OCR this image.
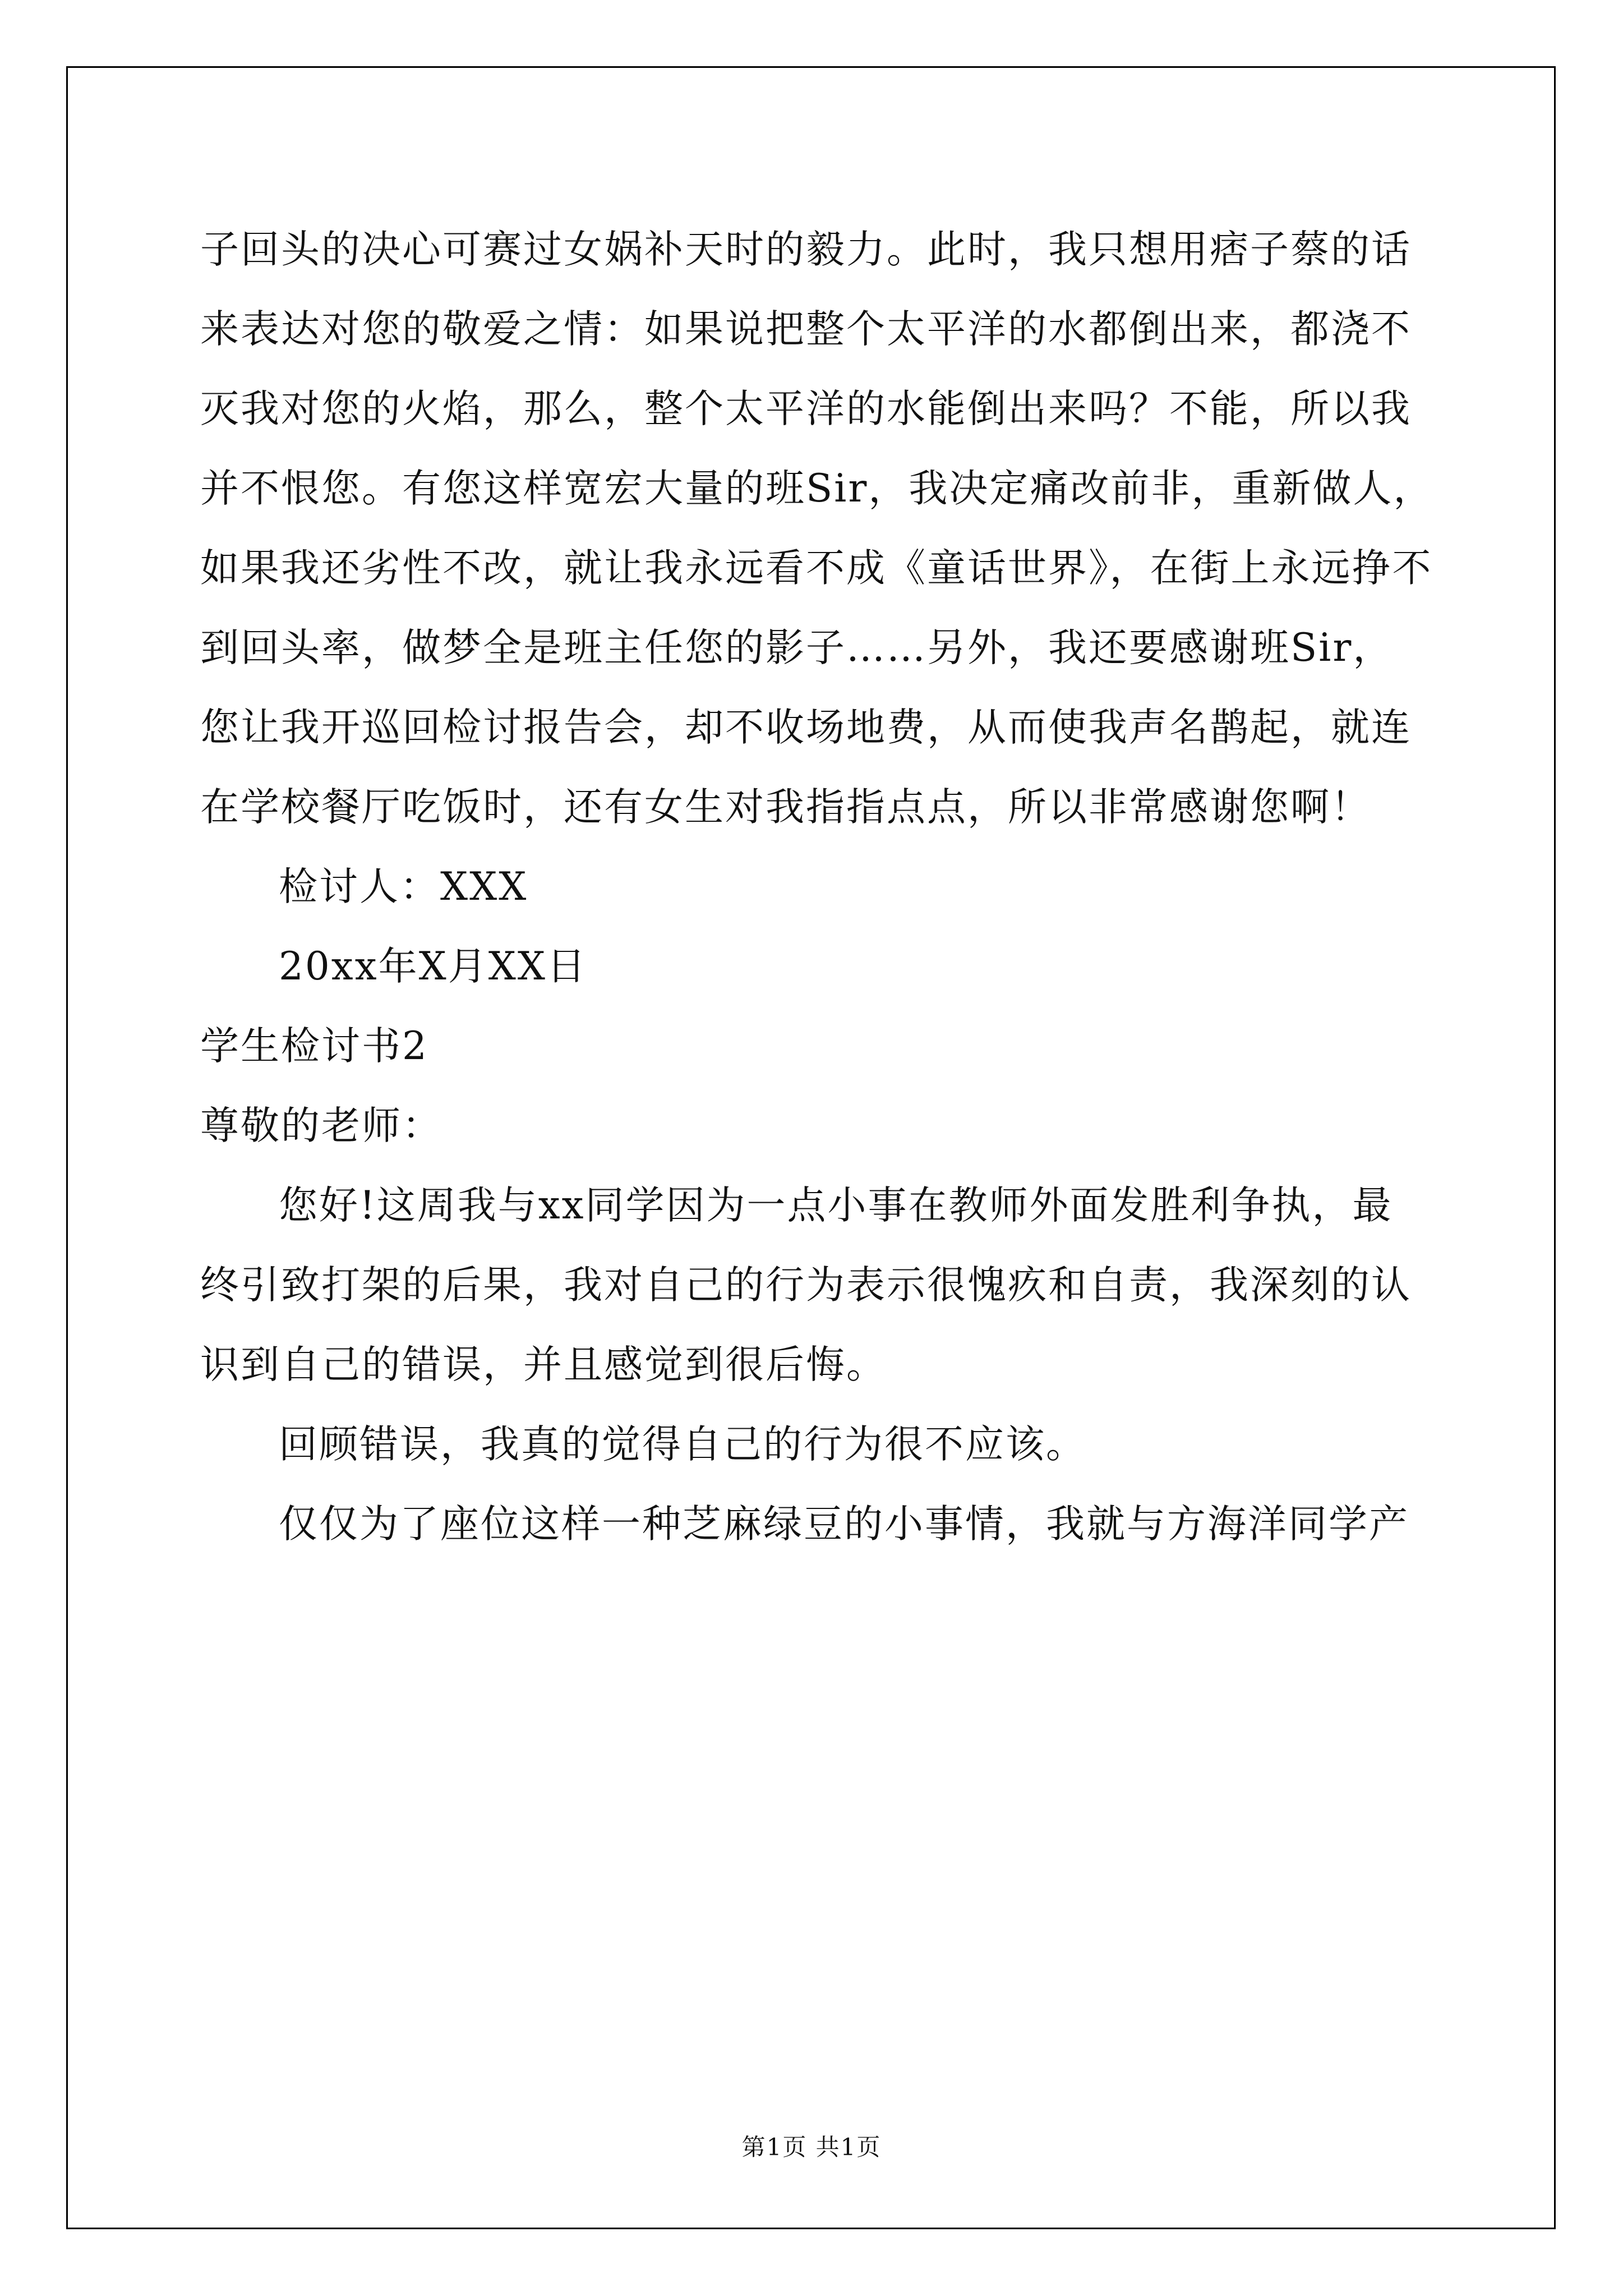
子回头的决心可赛过女娲补天时的毅力。此时，我只想用痞子蔡的话

来表达对您的敬爱之情：如果说把整个太平洋的水都倒出来，都浇不

灭我对您的火焰，那么，整个太平洋的水能倒出来吗？不能，所以我

并不恨您。有您这样宽宏大量的班Sir，我决定痛改前非，重新做人，

如果我还劣性不改，就让我永远看不成《童话世界》，在街上永远挣不

到回头率，做梦全是班主任您的影子……另外，我还要感谢班Sir，

您让我开巡回检讨报告会，却不收场地费，从而使我声名鹊起，就连

在学校餐厅吃饭时，还有女生对我指指点点，所以非常感谢您啊！

检讨人：XXX

20xx年X月XX日

学生检讨书2

尊敬的老师：

您好!这周我与xx同学因为一点小事在教师外面发胜利争执，最

终引致打架的后果，我对自己的行为表示很愧疚和自责，我深刻的认

识到自己的错误，并且感觉到很后悔。

回顾错误，我真的觉得自己的行为很不应该。

仅仅为了座位这样一种芝麻绿豆的小事情，我就与方海洋同学产

第1页 共1页
